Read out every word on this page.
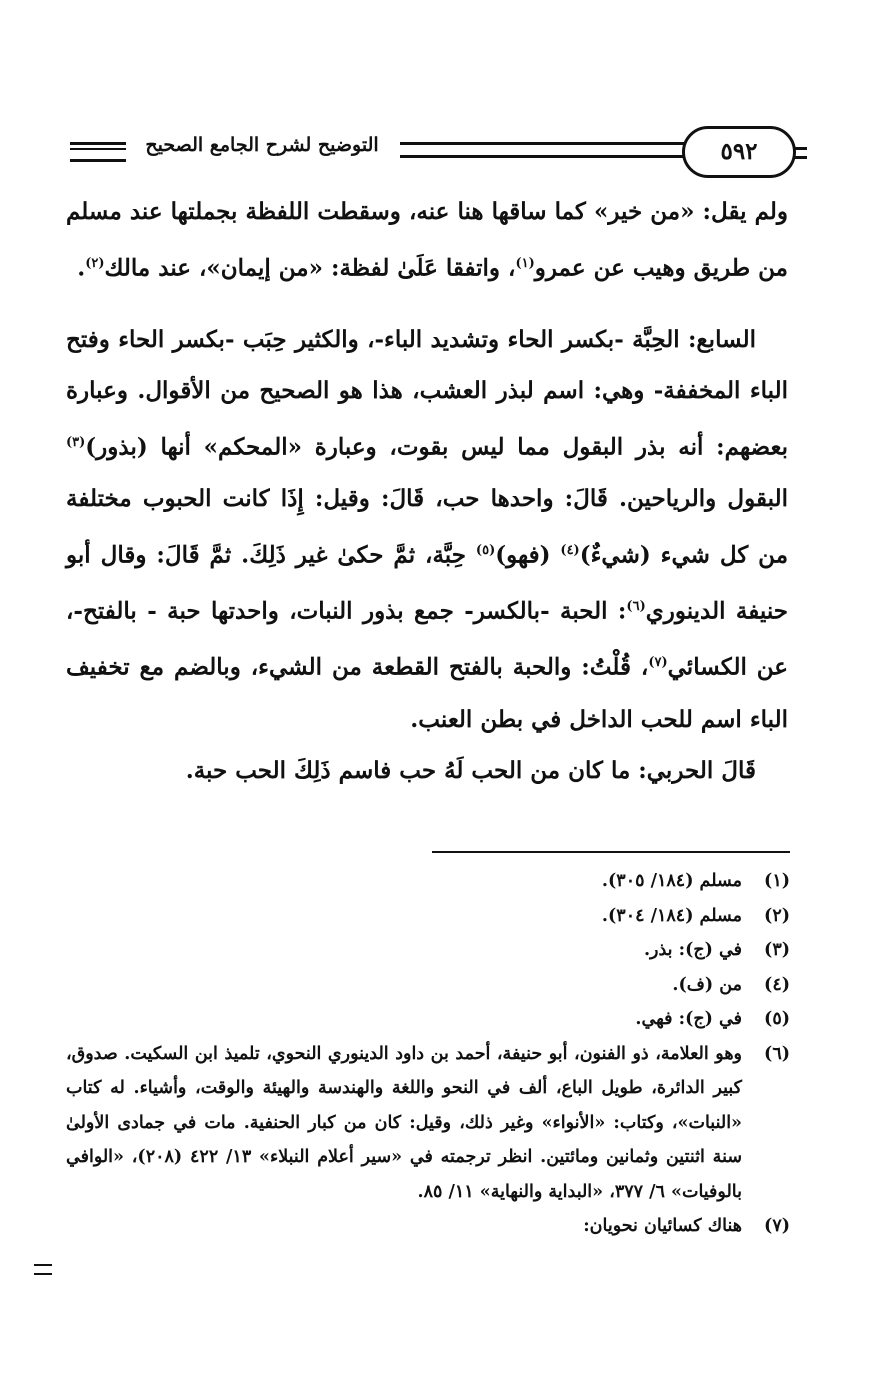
التوضيح لشرح الجامع الصحيح	٥٩٢

ولم يقل: «من خير» كما ساقها هنا عنه، وسقطت اللفظة بجملتها عند مسلم من طريق وهيب عن عمرو$^{(١)}$، واتفقا عَلَىٰ لفظة: «من إيمان»، عند مالك$^{(٢)}$.

السابع: الحِبَّة -بكسر الحاء وتشديد الباء-، والكثير حِبَب -بكسر الحاء وفتح الباء المخففة- وهي: اسم لبذر العشب، هذا هو الصحيح من الأقوال. وعبارة بعضهم: أنه بذر البقول مما ليس بقوت، وعبارة «المحكم» أنها (بذور)$^{(٣)}$ البقول والرياحين. قَالَ: واحدها حب، قَالَ: وقيل: إِذَا كانت الحبوب مختلفة من كل شيء (شيءٌ)$^{(٤)}$ (فهو)$^{(٥)}$ حِبَّة، ثمَّ حكىٰ غير ذَلِكَ. ثمَّ قَالَ: وقال أبو حنيفة الدينوري$^{(٦)}$: الحبة -بالكسر- جمع بذور النبات، واحدتها حبة - بالفتح-، عن الكسائي$^{(٧)}$، قُلْتُ: والحبة بالفتح القطعة من الشيء، وبالضم مع تخفيف الباء اسم للحب الداخل في بطن العنب.

قَالَ الحربي: ما كان من الحب لَهُ حب فاسم ذَلِكَ الحب حبة.

(١)
مسلم (١٨٤/ ٣٠٥).
(٢)
مسلم (١٨٤/ ٣٠٤).
(٣)
في (ج): بذر.
(٤)
من (ف).
(٥)
في (ج): فهي.
(٦)
وهو العلامة، ذو الفنون، أبو حنيفة، أحمد بن داود الدينوري النحوي، تلميذ ابن السكيت. صدوق، كبير الدائرة، طويل الباع، ألف في النحو واللغة والهندسة والهيئة والوقت، وأشياء. له كتاب «النبات»، وكتاب: «الأنواء» وغير ذلك، وقيل: كان من كبار الحنفية. مات في جمادى الأولىٰ سنة اثنتين وثمانين ومائتين. انظر ترجمته في «سير أعلام النبلاء» ١٣/ ٤٢٢ (٢٠٨)، «الوافي بالوفيات» ٦/ ٣٧٧، «البداية والنهاية» ١١/ ٨٥.
(٧)
هناك كسائيان نحويان:
